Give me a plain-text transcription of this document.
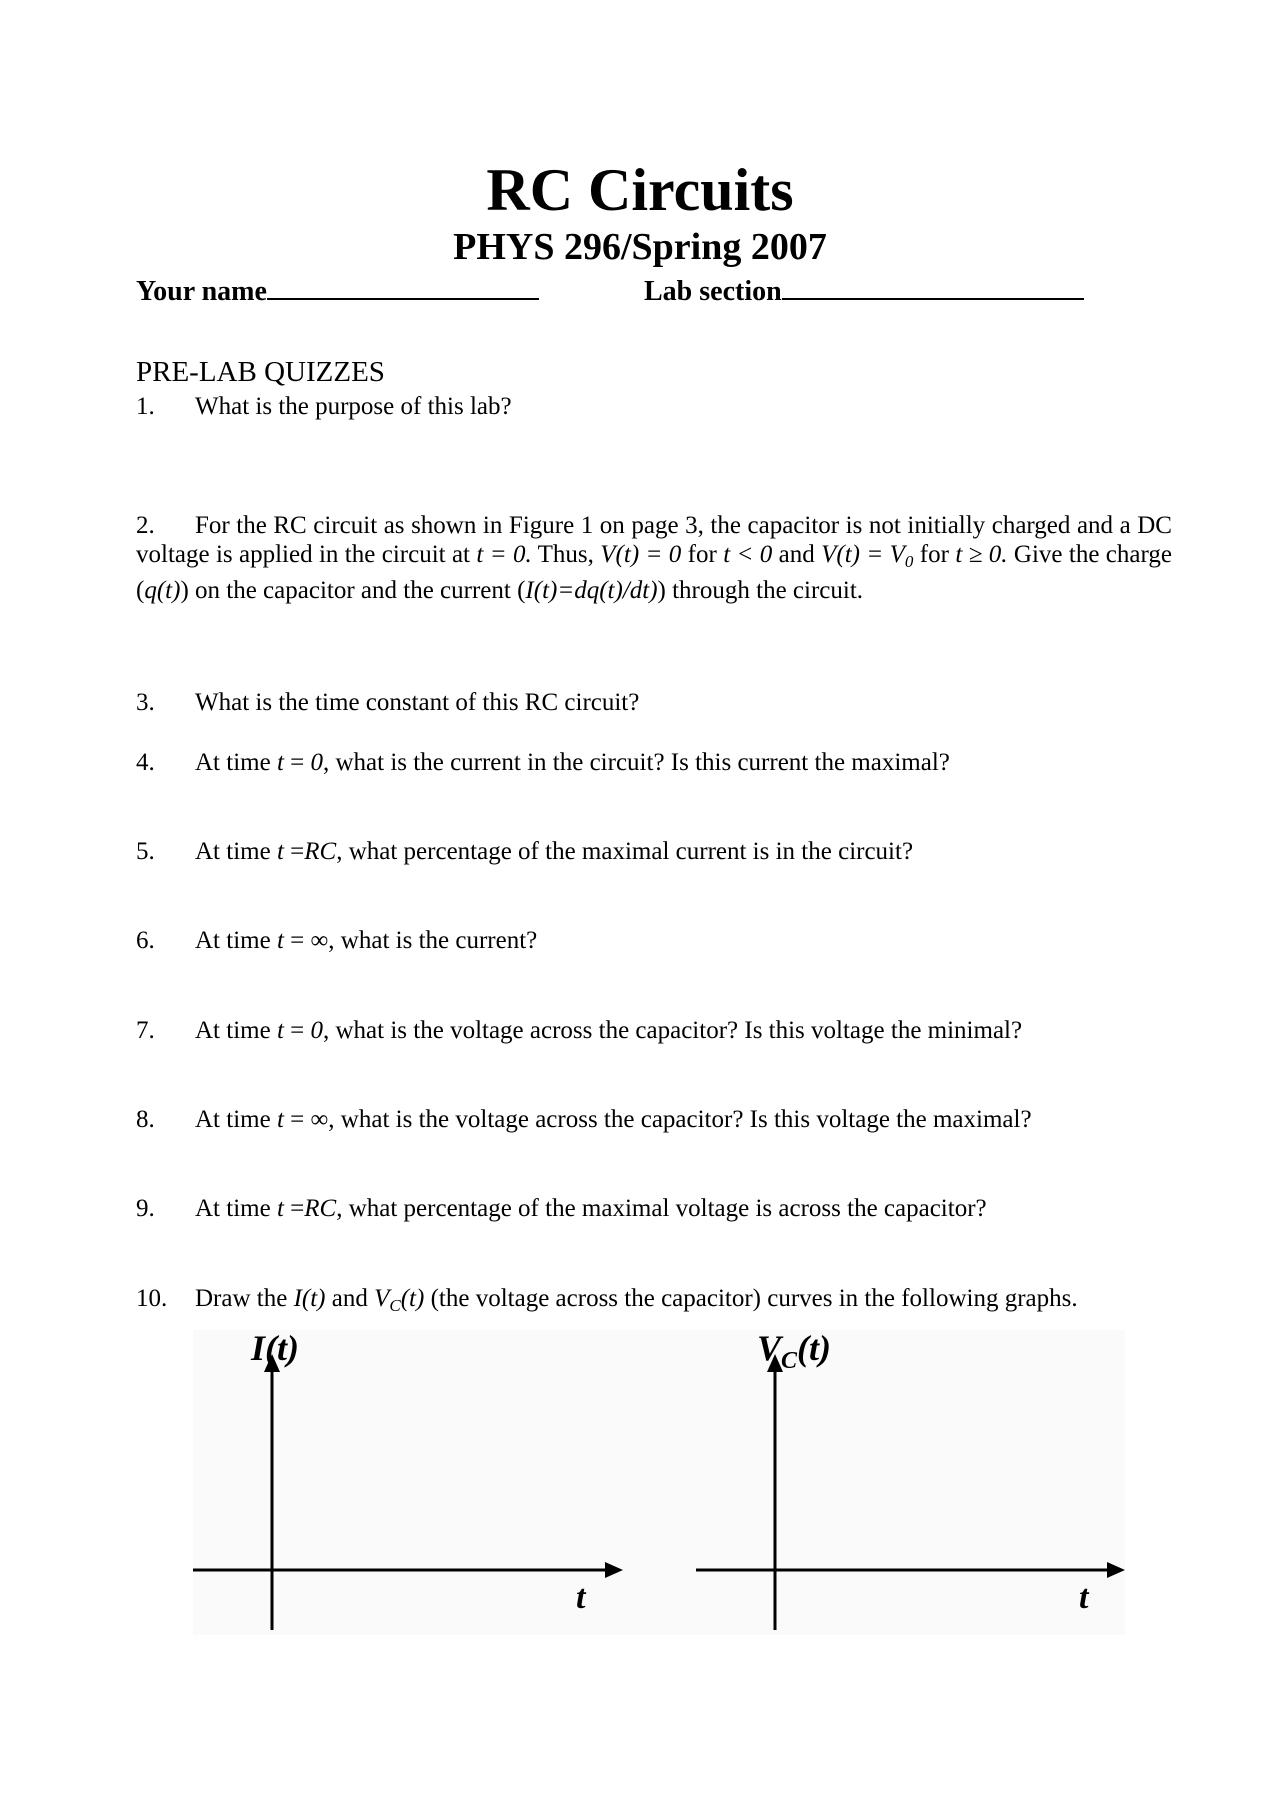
RC Circuits
PHYS 296/Spring 2007
Your name	Lab section
PRE-LAB QUIZZES
1. What is the purpose of this lab?
2. For the RC circuit as shown in Figure 1 on page 3, the capacitor is not initially charged and a DC voltage is applied in the circuit at t = 0. Thus, V(t) = 0 for t < 0 and $V(t) = V_0$ for t ≥ 0. Give the charge (q(t)) on the capacitor and the current (I(t)=dq(t)/dt)) through the circuit.
3. What is the time constant of this RC circuit?
4. At time t = 0, what is the current in the circuit? Is this current the maximal?
5. At time t =RC, what percentage of the maximal current is in the circuit?
6. At time t = ∞, what is the current?
7. At time t = 0, what is the voltage across the capacitor? Is this voltage the minimal?
8. At time t = ∞, what is the voltage across the capacitor? Is this voltage the maximal?
9. At time t =RC, what percentage of the maximal voltage is across the capacitor?
10. Draw the I(t) and $V_C(t)$ (the voltage across the capacitor) curves in the following graphs.
I(t)
t
$V_C(t)$
t
